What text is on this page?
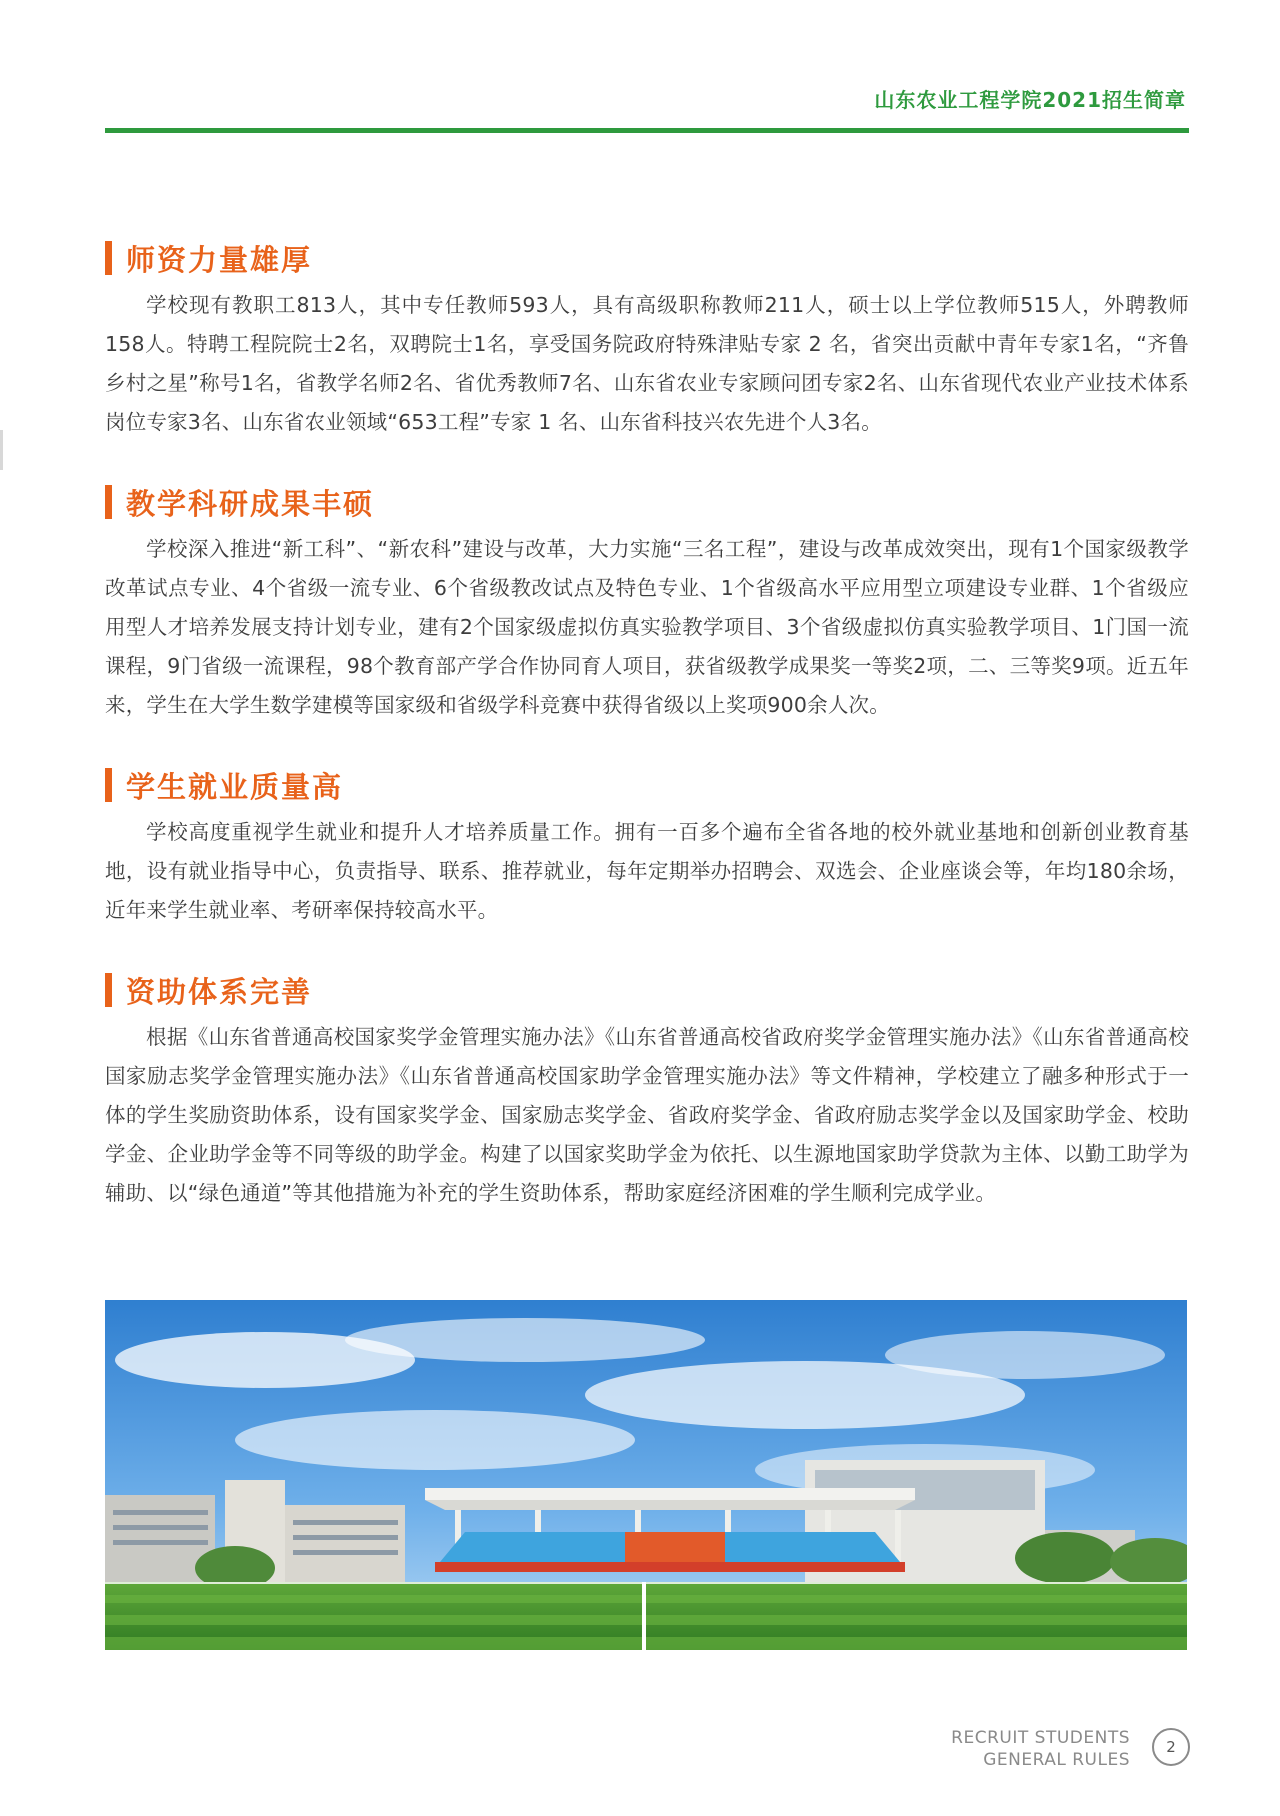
山东农业工程学院2021招生简章
师资力量雄厚

学校现有教职工813人，其中专任教师593人，具有高级职称教师211人，硕士以上学位教师515人，外聘教师158人。特聘工程院院士2名，双聘院士1名，享受国务院政府特殊津贴专家 2 名，省突出贡献中青年专家1名，“齐鲁乡村之星”称号1名，省教学名师2名、省优秀教师7名、山东省农业专家顾问团专家2名、山东省现代农业产业技术体系岗位专家3名、山东省农业领域“653工程”专家 1 名、山东省科技兴农先进个人3名。

教学科研成果丰硕

学校深入推进“新工科”、“新农科”建设与改革，大力实施“三名工程”，建设与改革成效突出，现有1个国家级教学改革试点专业、4个省级一流专业、6个省级教改试点及特色专业、1个省级高水平应用型立项建设专业群、1个省级应用型人才培养发展支持计划专业，建有2个国家级虚拟仿真实验教学项目、3个省级虚拟仿真实验教学项目、1门国一流课程，9门省级一流课程，98个教育部产学合作协同育人项目，获省级教学成果奖一等奖2项，二、三等奖9项。近五年来，学生在大学生数学建模等国家级和省级学科竞赛中获得省级以上奖项900余人次。

学生就业质量高

学校高度重视学生就业和提升人才培养质量工作。拥有一百多个遍布全省各地的校外就业基地和创新创业教育基地，设有就业指导中心，负责指导、联系、推荐就业，每年定期举办招聘会、双选会、企业座谈会等，年均180余场，近年来学生就业率、考研率保持较高水平。

资助体系完善

根据《山东省普通高校国家奖学金管理实施办法》《山东省普通高校省政府奖学金管理实施办法》《山东省普通高校国家励志奖学金管理实施办法》《山东省普通高校国家助学金管理实施办法》等文件精神，学校建立了融多种形式于一体的学生奖励资助体系，设有国家奖学金、国家励志奖学金、省政府奖学金、省政府励志奖学金以及国家助学金、校助学金、企业助学金等不同等级的助学金。构建了以国家奖助学金为依托、以生源地国家助学贷款为主体、以勤工助学为辅助、以“绿色通道”等其他措施为补充的学生资助体系，帮助家庭经济困难的学生顺利完成学业。

RECRUIT STUDENTS
GENERAL RULES
2
